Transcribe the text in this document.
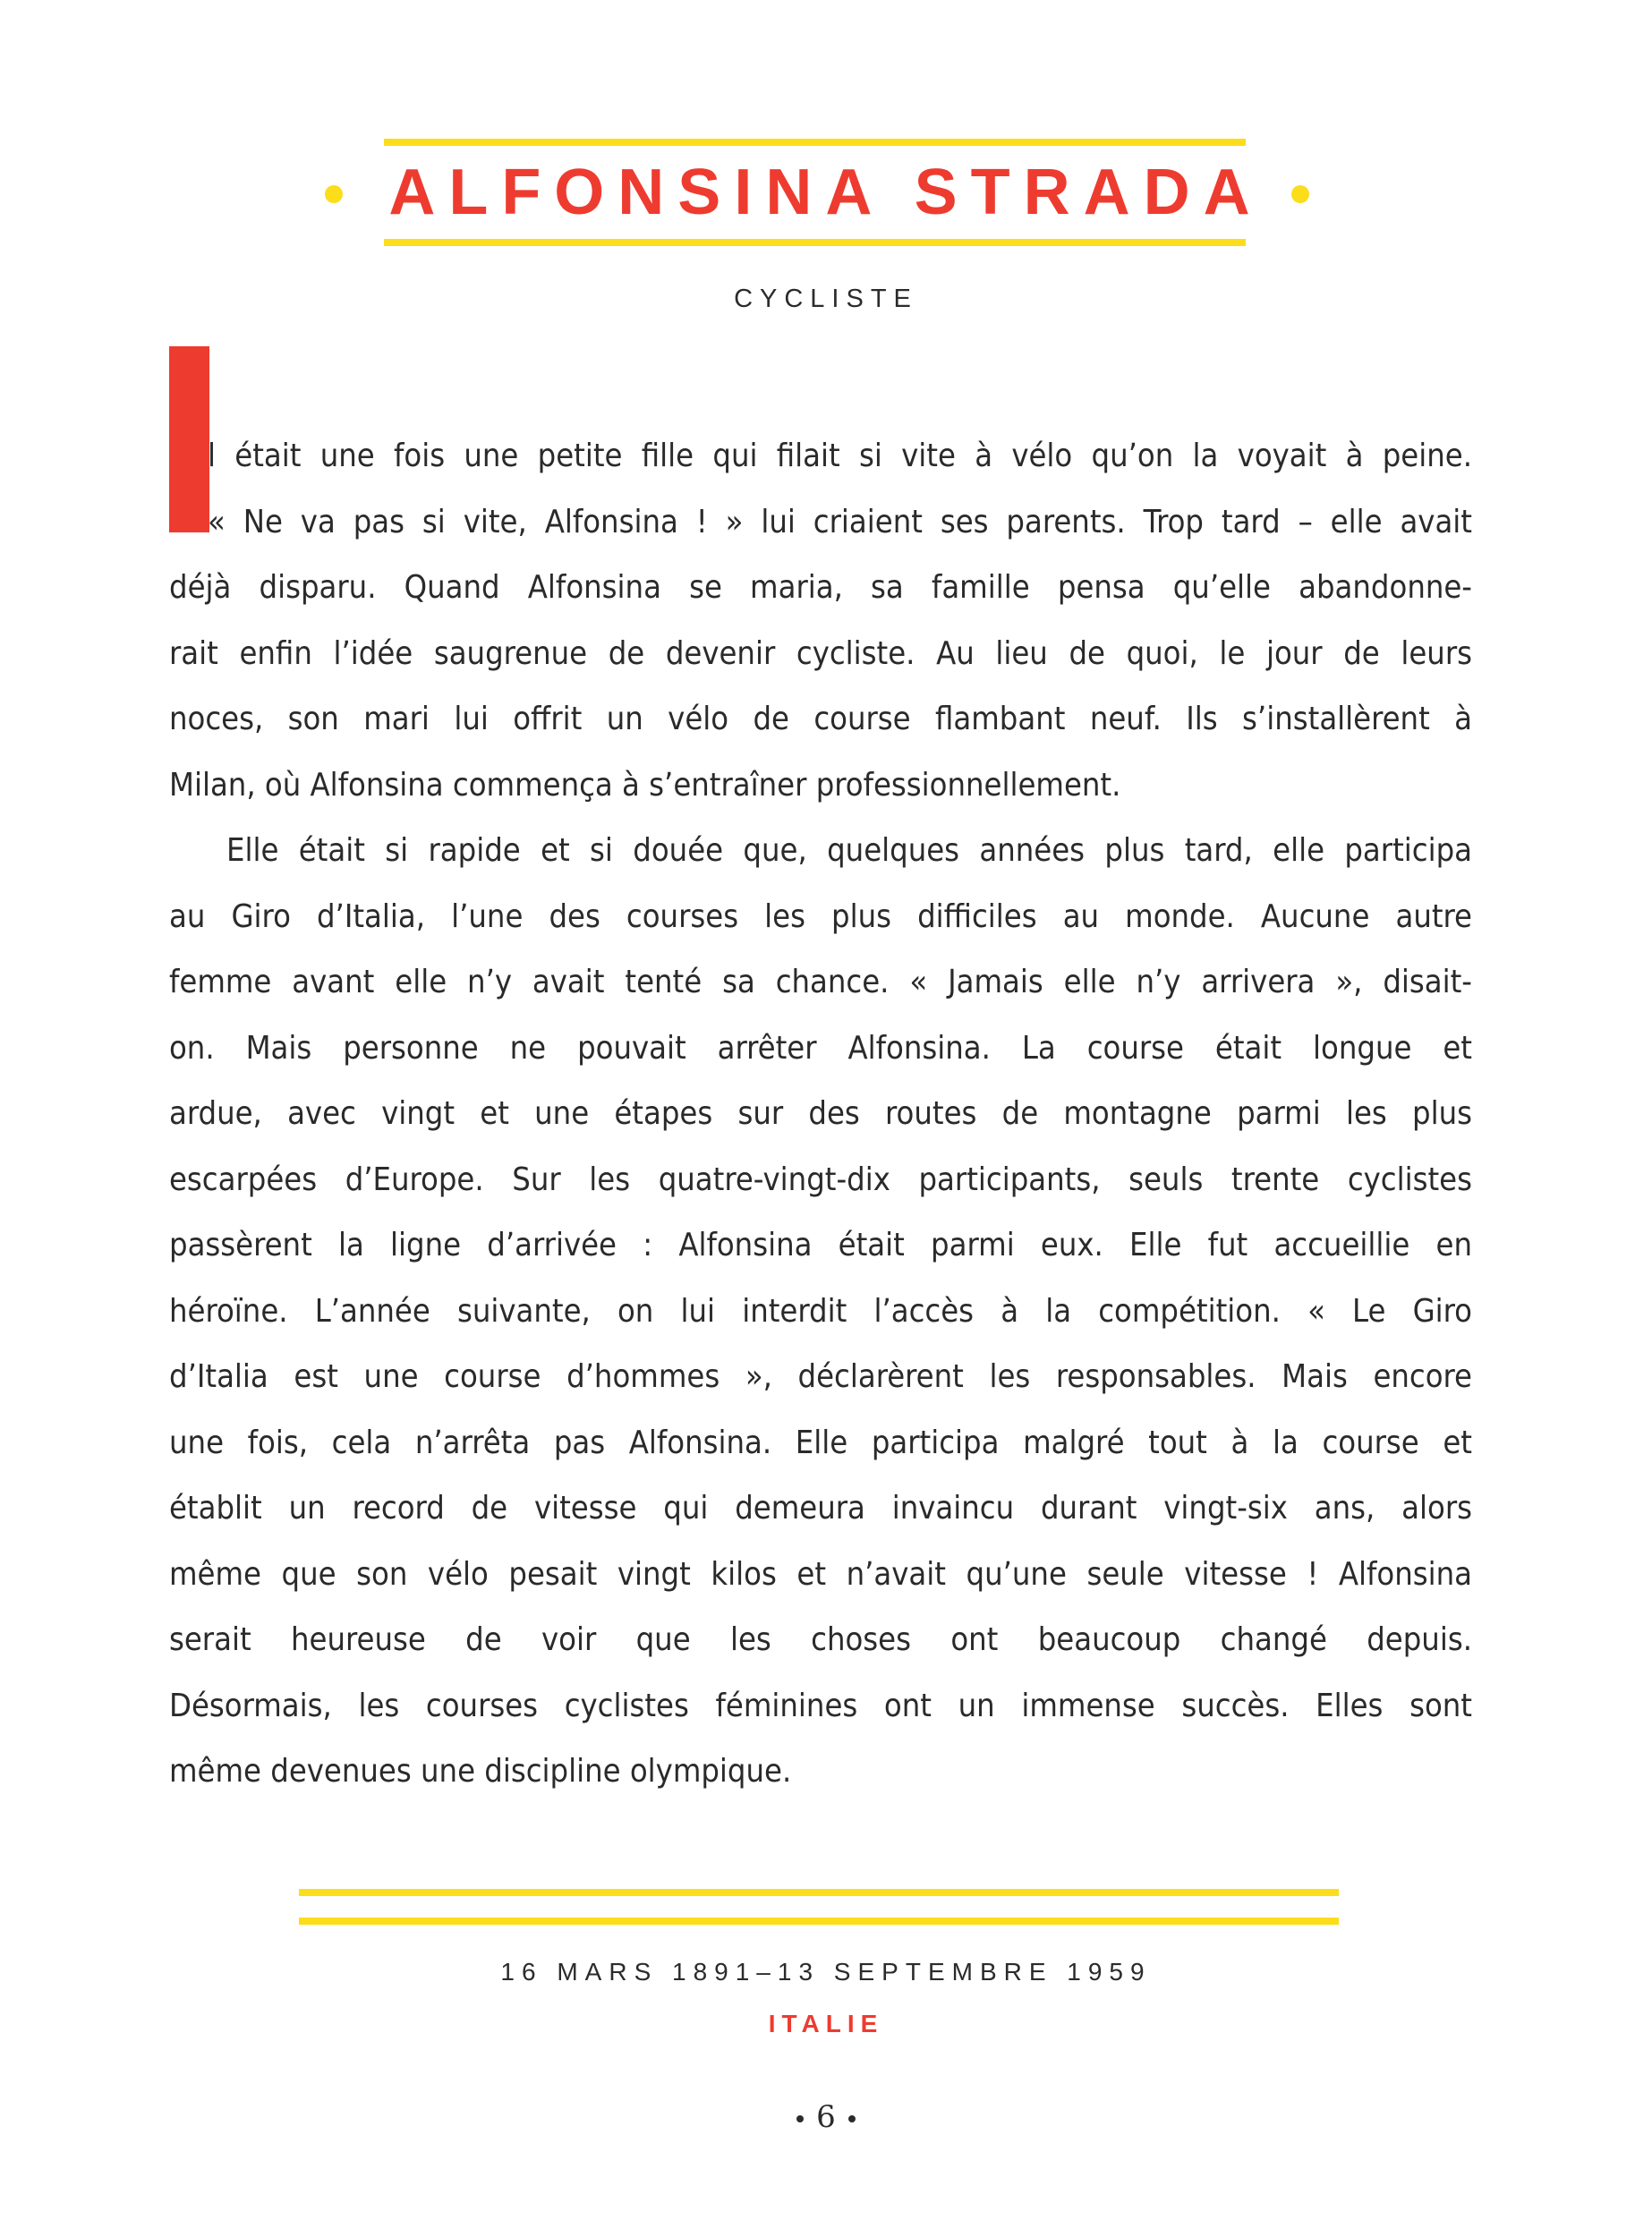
ALFONSINA STRADA
CYCLISTE
l était une fois une petite fille qui filait si vite à vélo qu’on la voyait à peine.
« Ne va pas si vite, Alfonsina ! » lui criaient ses parents. Trop tard – elle avait
déjà disparu. Quand Alfonsina se maria, sa famille pensa qu’elle abandonne-
rait enfin l’idée saugrenue de devenir cycliste. Au lieu de quoi, le jour de leurs
noces, son mari lui offrit un vélo de course flambant neuf. Ils s’installèrent à
Milan, où Alfonsina commença à s’entraîner professionnellement.
Elle était si rapide et si douée que, quelques années plus tard, elle participa
au Giro d’Italia, l’une des courses les plus difficiles au monde. Aucune autre
femme avant elle n’y avait tenté sa chance. « Jamais elle n’y arrivera », disait-
on. Mais personne ne pouvait arrêter Alfonsina. La course était longue et
ardue, avec vingt et une étapes sur des routes de montagne parmi les plus
escarpées d’Europe. Sur les quatre-vingt-dix participants, seuls trente cyclistes
passèrent la ligne d’arrivée : Alfonsina était parmi eux. Elle fut accueillie en
héroïne. L’année suivante, on lui interdit l’accès à la compétition. « Le Giro
d’Italia est une course d’hommes », déclarèrent les responsables. Mais encore
une fois, cela n’arrêta pas Alfonsina. Elle participa malgré tout à la course et
établit un record de vitesse qui demeura invaincu durant vingt-six ans, alors
même que son vélo pesait vingt kilos et n’avait qu’une seule vitesse ! Alfonsina
serait heureuse de voir que les choses ont beaucoup changé depuis.
Désormais, les courses cyclistes féminines ont un immense succès. Elles sont
même devenues une discipline olympique.
16 MARS 1891–13 SEPTEMBRE 1959
ITALIE
6
